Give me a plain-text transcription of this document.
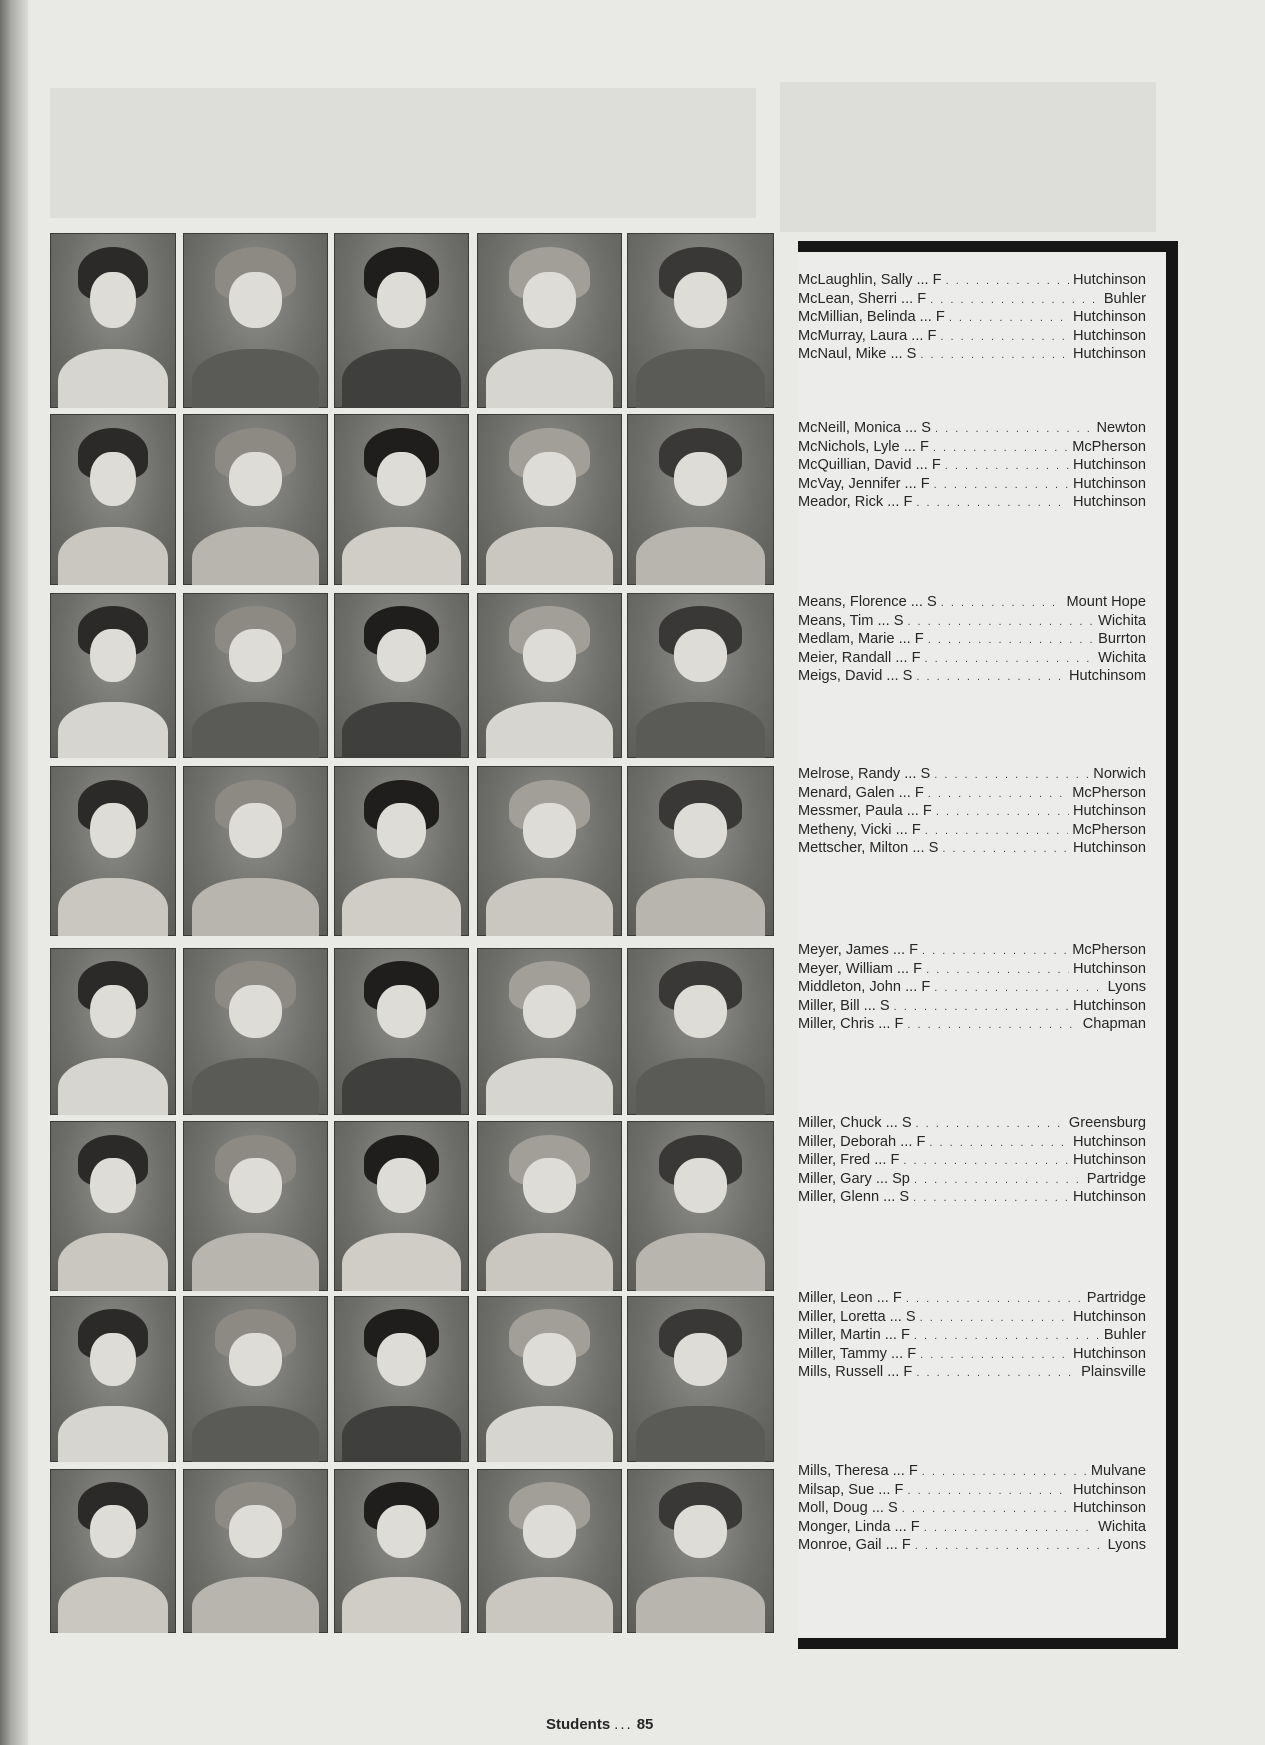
McLaughlin, Sally ... F . . .	Hutchinson
McLean, Sherri ... F . . .	Buhler
McMillian, Belinda ... F . . .	Hutchinson
McMurray, Laura ... F . . .	Hutchinson
McNaul, Mike ... S . . .	Hutchinson
McNeill, Monica ... S . . .	Newton
McNichols, Lyle ... F . . .	McPherson
McQuillian, David ... F . . .	Hutchinson
McVay, Jennifer ... F . . .	Hutchinson
Meador, Rick ... F . . .	Hutchinson
Means, Florence ... S . . .	Mount Hope
Means, Tim ... S . . .	Wichita
Medlam, Marie ... F . . .	Burrton
Meier, Randall ... F . . .	Wichita
Meigs, David ... S . . .	Hutchinsom
Melrose, Randy ... S . . .	Norwich
Menard, Galen ... F . . .	McPherson
Messmer, Paula ... F . . .	Hutchinson
Metheny, Vicki ... F . . .	McPherson
Mettscher, Milton ... S . . .	Hutchinson
Meyer, James ... F . . .	McPherson
Meyer, William ... F . . .	Hutchinson
Middleton, John ... F . . .	Lyons
Miller, Bill ... S . . .	Hutchinson
Miller, Chris ... F . . .	Chapman
Miller, Chuck ... S . . .	Greensburg
Miller, Deborah ... F . . .	Hutchinson
Miller, Fred ... F . . .	Hutchinson
Miller, Gary ... Sp . . .	Partridge
Miller, Glenn ... S . . .	Hutchinson
Miller, Leon ... F . . .	Partridge
Miller, Loretta ... S . . .	Hutchinson
Miller, Martin ... F . . .	Buhler
Miller, Tammy ... F . . .	Hutchinson
Mills, Russell ... F . . .	Plainsville
Mills, Theresa ... F . . .	Mulvane
Milsap, Sue ... F . . .	Hutchinson
Moll, Doug ... S . . .	Hutchinson
Monger, Linda ... F . . .	Wichita
Monroe, Gail ... F . . .	Lyons
Students ... 85
